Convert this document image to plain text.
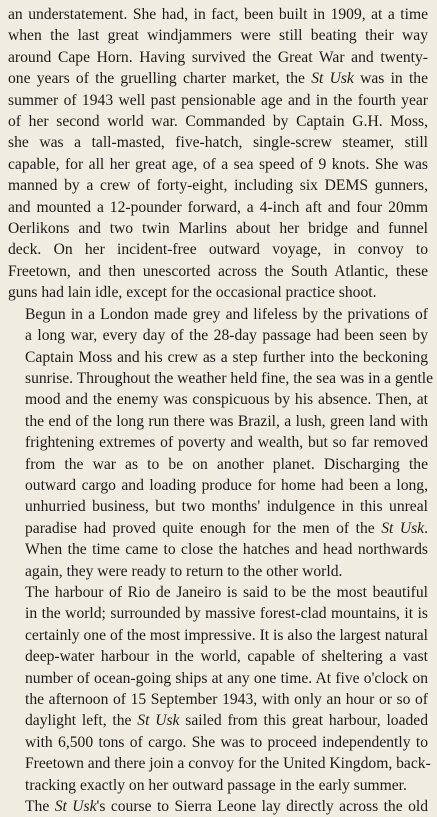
an understatement. She had, in fact, been built in 1909, at a time
when the last great windjammers were still beating their way
around Cape Horn. Having survived the Great War and twenty-
one years of the gruelling charter market, the St Usk was in the
summer of 1943 well past pensionable age and in the fourth year
of her second world war. Commanded by Captain G.H. Moss,
she was a tall-masted, five-hatch, single-screw steamer, still
capable, for all her great age, of a sea speed of 9 knots. She was
manned by a crew of forty-eight, including six DEMS gunners,
and mounted a 12-pounder forward, a 4-inch aft and four 20mm
Oerlikons and two twin Marlins about her bridge and funnel
deck. On her incident-free outward voyage, in convoy to
Freetown, and then unescorted across the South Atlantic, these
guns had lain idle, except for the occasional practice shoot.

Begun in a London made grey and lifeless by the privations of
a long war, every day of the 28-day passage had been seen by
Captain Moss and his crew as a step further into the beckoning
sunrise. Throughout the weather held fine, the sea was in a gentle
mood and the enemy was conspicuous by his absence. Then, at
the end of the long run there was Brazil, a lush, green land with
frightening extremes of poverty and wealth, but so far removed
from the war as to be on another planet. Discharging the
outward cargo and loading produce for home had been a long,
unhurried business, but two months' indulgence in this unreal
paradise had proved quite enough for the men of the St Usk.
When the time came to close the hatches and head northwards
again, they were ready to return to the other world.

The harbour of Rio de Janeiro is said to be the most beautiful
in the world; surrounded by massive forest-clad mountains, it is
certainly one of the most impressive. It is also the largest natural
deep-water harbour in the world, capable of sheltering a vast
number of ocean-going ships at any one time. At five o'clock on
the afternoon of 15 September 1943, with only an hour or so of
daylight left, the St Usk sailed from this great harbour, loaded
with 6,500 tons of cargo. She was to proceed independently to
Freetown and there join a convoy for the United Kingdom, back-
tracking exactly on her outward passage in the early summer.

The St Usk's course to Sierra Leone lay directly across the old
